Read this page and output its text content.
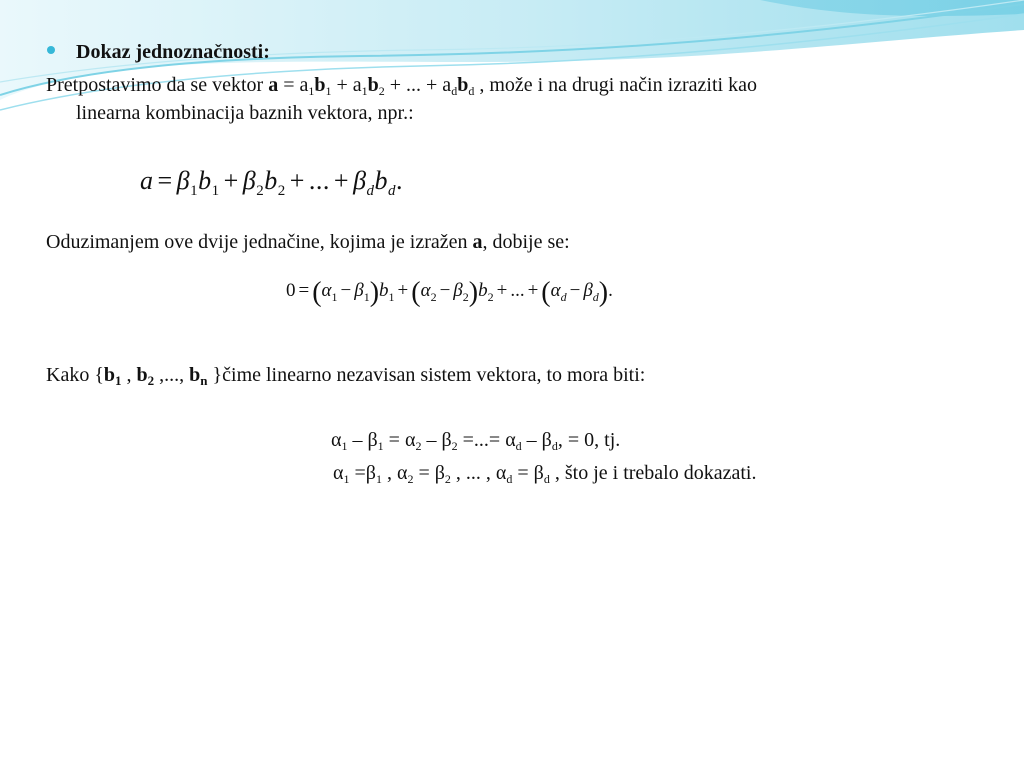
Dokaz jednoznačnosti:
Pretpostavimo da se vektor $a = a_1b_1 + a_1b_2$ + ... + $a_db_d$ , može i na drugi način izraziti kao
linearna kombinacija baznih vektora, npr.:
$a = \beta_1b_1 + \beta_2b_2$ + ... + $\beta_db_d$.
Oduzimanjem ove dvije jednačine, kojima je izražen a, dobije se:
$0 = (\alpha_1 - \beta_1)b_1 + (\alpha_2 - \beta_2)b_2$ + ... + $(\alpha_d - \beta_d)$.
Kako {$b_1$ , $b_2$ ,..., $b_n$ }čime linearno nezavisan sistem vektora, to mora biti:
$\alpha_1 - \beta_1 = \alpha_2 - \beta_2$ =...= $\alpha_d - \beta_d$, = 0, tj.
$\alpha_1 =\beta_1$ , $\alpha_2 = \beta_2$ , ... , $\alpha_d = \beta_d$ , što je i trebalo dokazati.
